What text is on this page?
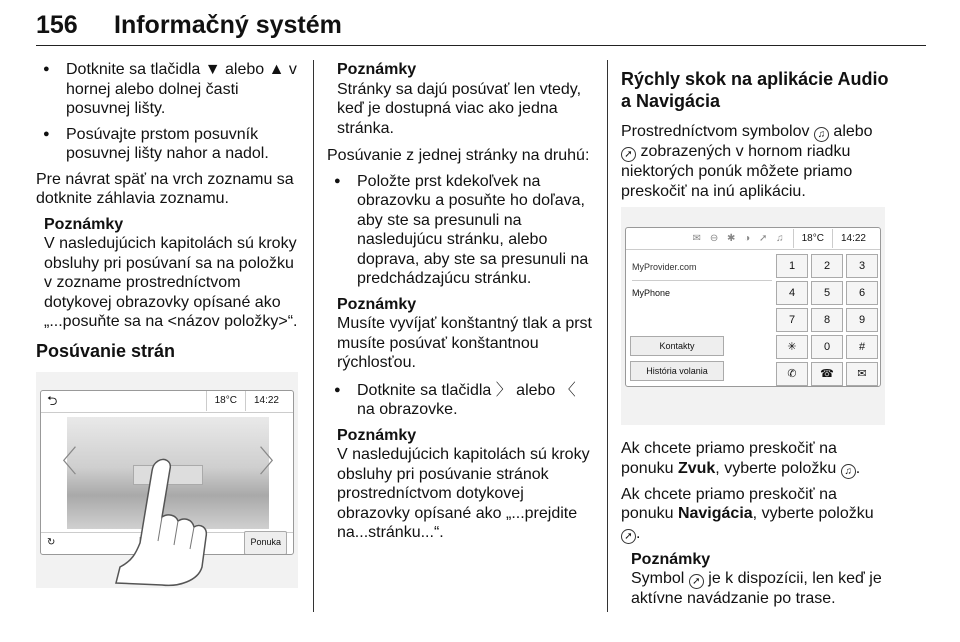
156	Informačný systém
● Dotknite sa tlačidla ▼ alebo ▲ v hornej alebo dolnej časti posuvnej lišty.
● Posúvajte prstom posuvník posuvnej lišty nahor a nadol.

Pre návrat späť na vrch zoznamu sa dotknite záhlavia zoznamu.

Poznámky
V nasledujúcich kapitolách sú kroky obsluhy pri posúvaní sa na položku v zozname prostredníctvom dotykovej obrazovky opísané ako „...posuňte sa na <názov položky>“.
Posúvanie strán
⮌	18°C	14:22
〈	〉
↻	Ponuka
Poznámky
Stránky sa dajú posúvať len vtedy, keď je dostupná viac ako jedna stránka.

Posúvanie z jednej stránky na druhú:

● Položte prst kdekoľvek na obrazovku a posuňte ho doľava, aby ste sa presunuli na nasledujúcu stránku, alebo doprava, aby ste sa presunuli na predchádzajúcu stránku.
Poznámky
Musíte vyvíjať konštantný tlak a prst musíte posúvať konštantnou rýchlosťou.
● Dotknite sa tlačidla 〉 alebo 〈 na obrazovke.
Poznámky
V nasledujúcich kapitolách sú kroky obsluhy pri posúvanie stránok prostredníctvom dotykovej obrazovky opísané ako „...prejdite na...stránku...“.
Rýchly skok na aplikácie Audio a Navigácia

Prostredníctvom symbolov ♫ alebo
➚ zobrazených v hornom riadku niektorých ponúk môžete priamo preskočiť na inú aplikáciu.

✉ ⊖ ✱ ◑ ➚ ♫	18°C	14:22
MyProvider.com
MyPhone
Kontakty
História volania
1	2	3
4	5	6
7	8	9
✳	0	#
✆	☎	✉

Ak chcete priamo preskočiť na ponuku Zvuk, vyberte položku ♫ .

Ak chcete priamo preskočiť na ponuku Navigácia, vyberte položku ➚ .

Poznámky
Symbol ➚ je k dispozícii, len keď je aktívne navádzanie po trase.
